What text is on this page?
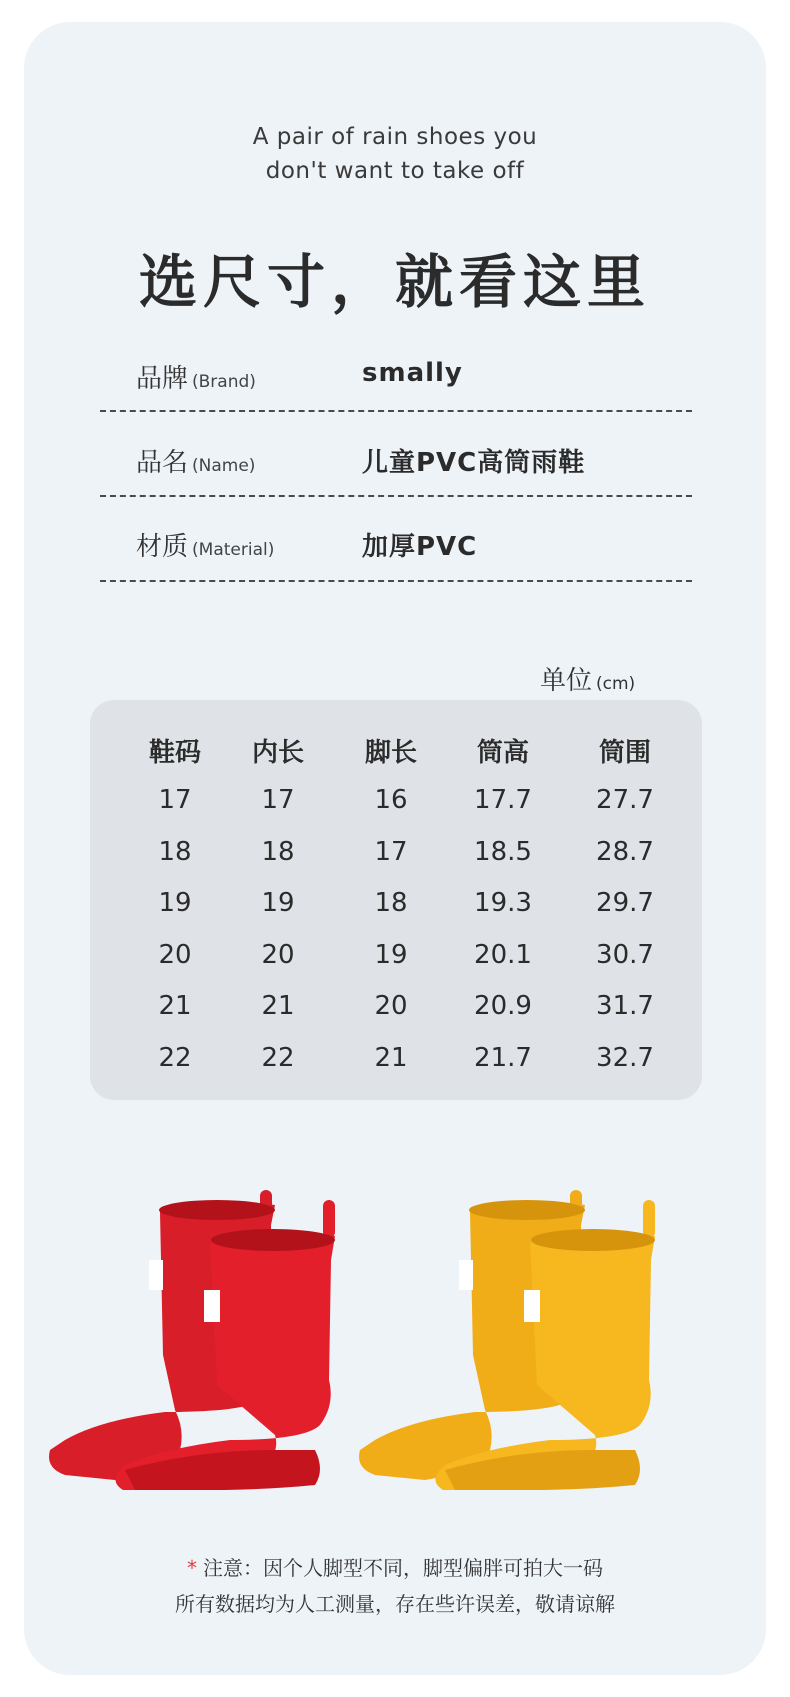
A pair of rain shoes you
don't want to take off
选尺寸，就看这里
品牌 (Brand)	smally
品名 (Name)	儿童PVC高筒雨鞋
材质 (Material)	加厚PVC
单位 (cm)
鞋码	内长	脚长	筒高	筒围
17	17	16	17.7	27.7
18	18	17	18.5	28.7
19	19	18	19.3	29.7
20	20	19	20.1	30.7
21	21	20	20.9	31.7
22	22	21	21.7	32.7
* 注意：因个人脚型不同，脚型偏胖可拍大一码
所有数据均为人工测量，存在些许误差，敬请谅解
